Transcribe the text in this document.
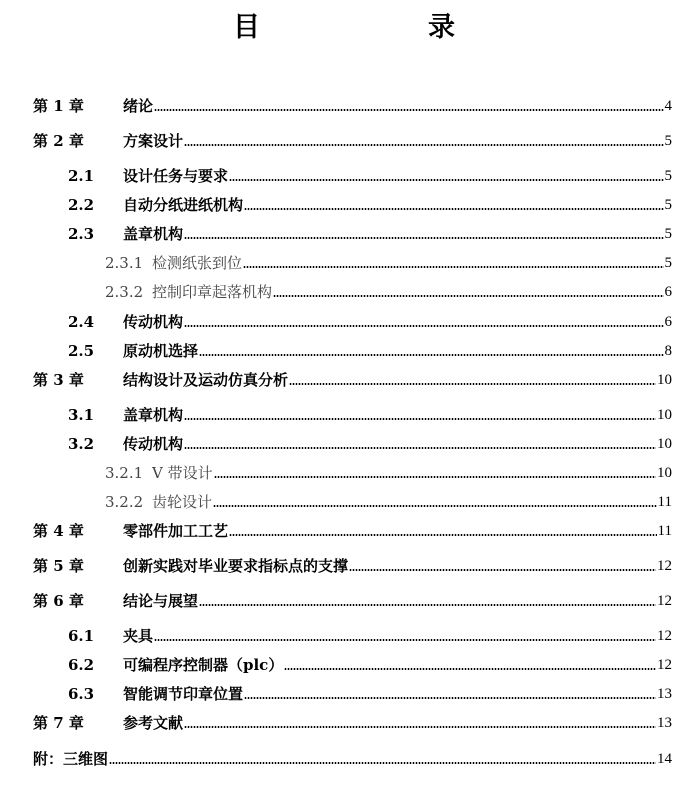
目　　录
第 1 章	绪论	4
第 2 章	方案设计	5
2.1 设计任务与要求	5
2.2 自动分纸进纸机构	5
2.3 盖章机构	5
2.3.1 检测纸张到位	5
2.3.2 控制印章起落机构	6
2.4 传动机构	6
2.5 原动机选择	8
第 3 章	结构设计及运动仿真分析	10
3.1 盖章机构	10
3.2 传动机构	10
3.2.1 V 带设计	10
3.2.2 齿轮设计	11
第 4 章	零部件加工工艺	11
第 5 章	创新实践对毕业要求指标点的支撑	12
第 6 章	结论与展望	12
6.1 夹具	12
6.2 可编程序控制器（plc）	12
6.3 智能调节印章位置	13
第 7 章	参考文献	13
附：三维图	14
